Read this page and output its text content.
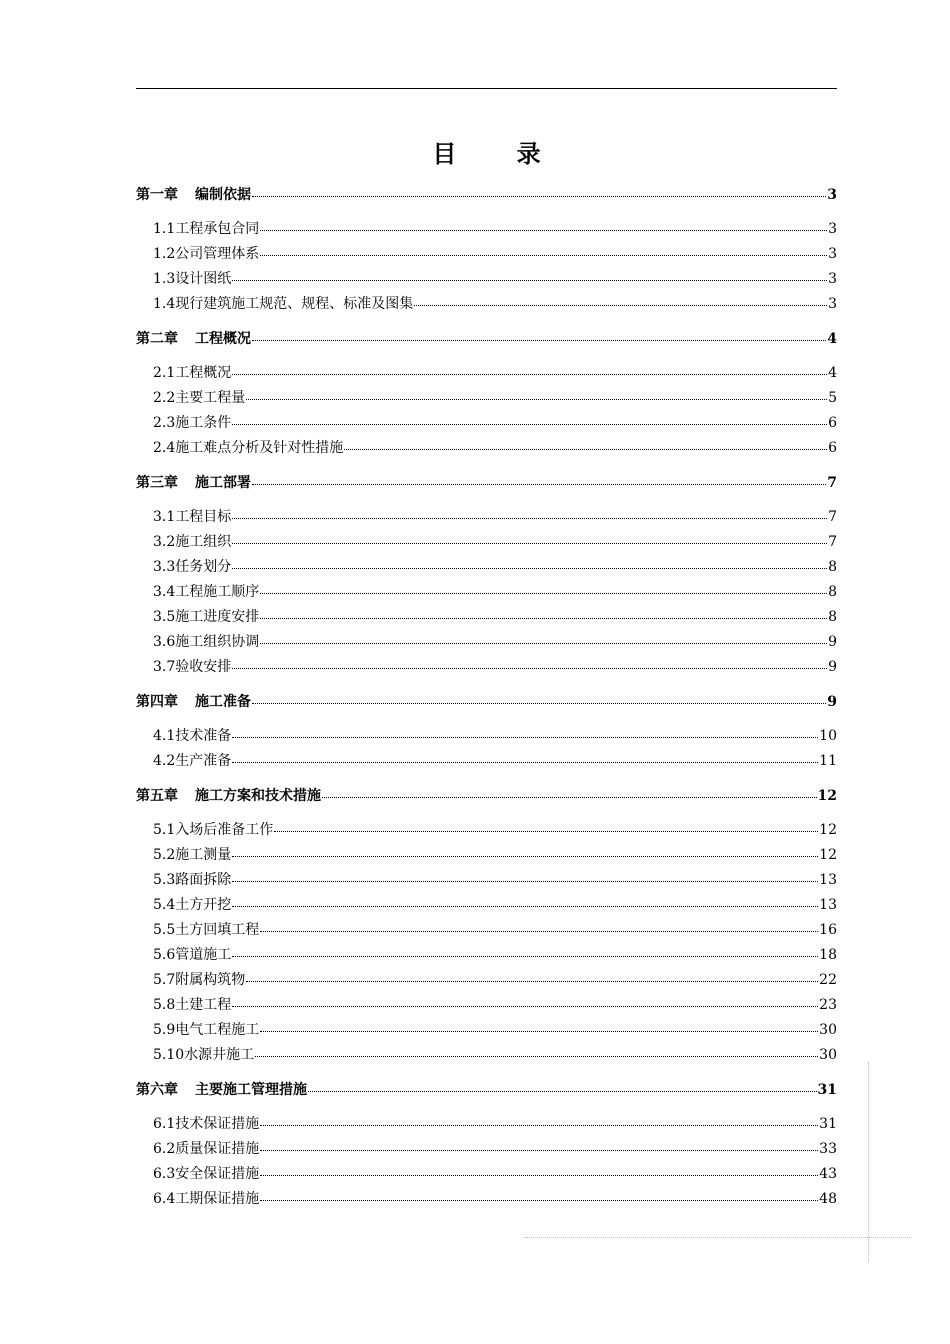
目 录
第一章 编制依据	3
1.1 工程承包合同	3
1.2 公司管理体系	3
1.3 设计图纸	3
1.4 现行建筑施工规范、规程、标准及图集	3
第二章 工程概况	4
2.1 工程概况	4
2.2 主要工程量	5
2.3 施工条件	6
2.4 施工难点分析及针对性措施	6
第三章 施工部署	7
3.1 工程目标	7
3.2 施工组织	7
3.3 任务划分	8
3.4 工程施工顺序	8
3.5 施工进度安排	8
3.6 施工组织协调	9
3.7 验收安排	9
第四章 施工准备	9
4.1 技术准备	10
4.2 生产准备	11
第五章 施工方案和技术措施	12
5.1 入场后准备工作	12
5.2 施工测量	12
5.3 路面拆除	13
5.4 土方开挖	13
5.5 土方回填工程	16
5.6 管道施工	18
5.7 附属构筑物	22
5.8 土建工程	23
5.9 电气工程施工	30
5.10 水源井施工	30
第六章 主要施工管理措施	31
6.1 技术保证措施	31
6.2 质量保证措施	33
6.3 安全保证措施	43
6.4 工期保证措施	48
